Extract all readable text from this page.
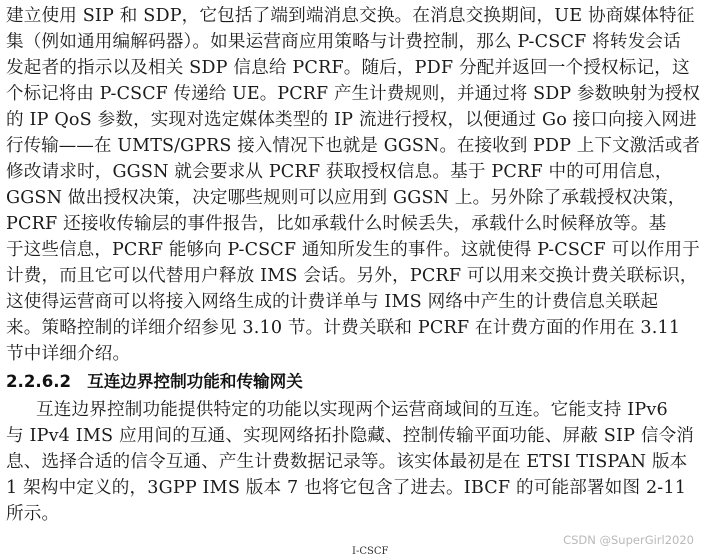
建立使用 SIP 和 SDP，它包括了端到端消息交换。在消息交换期间，UE 协商媒体特征
集（例如通用编解码器）。如果运营商应用策略与计费控制，那么 P-CSCF 将转发会话
发起者的指示以及相关 SDP 信息给 PCRF。随后，PDF 分配并返回一个授权标记，这
个标记将由 P-CSCF 传递给 UE。PCRF 产生计费规则，并通过将 SDP 参数映射为授权
的 IP QoS 参数，实现对选定媒体类型的 IP 流进行授权，以便通过 Go 接口向接入网进
行传输——在 UMTS/GPRS 接入情况下也就是 GGSN。在接收到 PDP 上下文激活或者
修改请求时，GGSN 就会要求从 PCRF 获取授权信息。基于 PCRF 中的可用信息，
GGSN 做出授权决策，决定哪些规则可以应用到 GGSN 上。另外除了承载授权决策，
PCRF 还接收传输层的事件报告，比如承载什么时候丢失，承载什么时候释放等。基
于这些信息，PCRF 能够向 P-CSCF 通知所发生的事件。这就使得 P-CSCF 可以作用于
计费，而且它可以代替用户释放 IMS 会话。另外，PCRF 可以用来交换计费关联标识，
这使得运营商可以将接入网络生成的计费详单与 IMS 网络中产生的计费信息关联起
来。策略控制的详细介绍参见 3.10 节。计费关联和 PCRF 在计费方面的作用在 3.11
节中详细介绍。
2.2.6.2 互连边界控制功能和传输网关
互连边界控制功能提供特定的功能以实现两个运营商域间的互连。它能支持 IPv6
与 IPv4 IMS 应用间的互通、实现网络拓扑隐藏、控制传输平面功能、屏蔽 SIP 信令消
息、选择合适的信令互通、产生计费数据记录等。该实体最初是在 ETSI TISPAN 版本
1 架构中定义的，3GPP IMS 版本 7 也将它包含了进去。IBCF 的可能部署如图 2-11
所示。
I-CSCF
CSDN @SuperGirl2020
